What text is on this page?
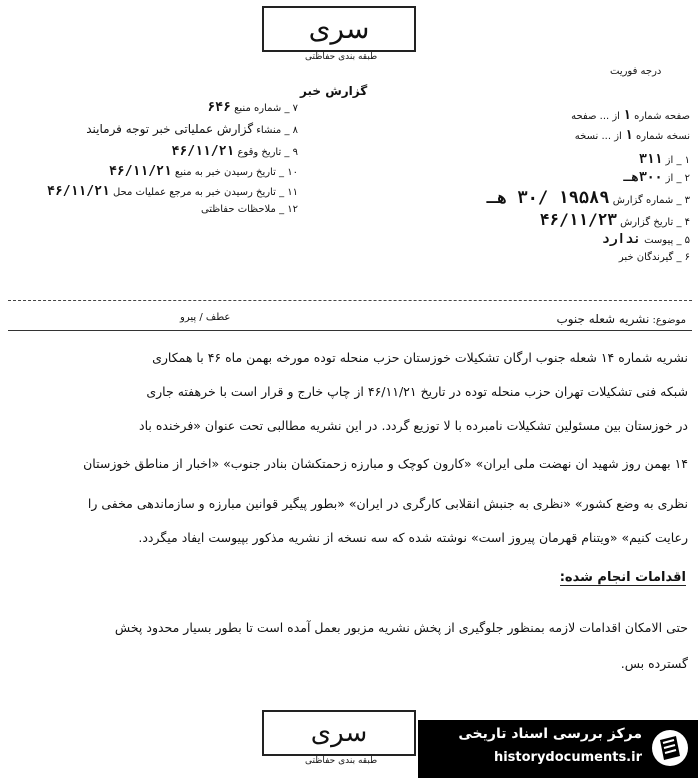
سری
طبقه بندی حفاظتی
درجه فوریت
گزارش خبر
صفحه شماره ۱ از ... صفحه
نسخه شماره ۱ از ... نسخه
۱ _ از ۳۱۱
۲ _ از ۳۰۰هـ
۳ _ شماره گزارش ۱۹۵۸۹ /۳۰ هـ
۴ _ تاریخ گزارش ۴۶/۱۱/۲۳
۵ _ پیوست ندارد
۶ _ گیرندگان خبر
۷ _ شماره منبع ۶۴۶
۸ _ منشاء گزارش عملیاتی خبر توجه فرمایند
۹ _ تاریخ وقوع ۴۶/۱۱/۲۱
۱۰ _ تاریخ رسیدن خبر به منبع ۴۶/۱۱/۲۱
۱۱ _ تاریخ رسیدن خبر به مرجع عملیات محل ۴۶/۱۱/۲۱
۱۲ _ ملاحظات حفاظتی
موضوع: نشریه شعله جنوب
عطف / پیرو
نشریه شماره ۱۴ شعله جنوب ارگان تشکیلات خوزستان حزب منحله توده مورخه بهمن ماه ۴۶ با همکاری
شبکه فنی تشکیلات تهران حزب منحله توده در تاریخ ۴۶/۱۱/۲۱ از چاپ خارج و قرار است با خرهفته جاری
در خوزستان بین مسئولین تشکیلات نامبرده با لا توزیع گردد. در این نشریه مطالبی تحت عنوان «فرخنده باد
۱۴ بهمن روز شهید ان نهضت ملی ایران» «کارون کوچک و مبارزه زحمتکشان بنادر جنوب» «اخبار از مناطق خوزستان
نظری به وضع کشور» «نظری به جنبش انقلابی کارگری در ایران» «بطور پیگیر قوانین مبارزه و سازماندهی مخفی را
رعایت کنیم» «ویتنام قهرمان پیروز است» نوشته شده که سه نسخه از نشریه مذکور بپیوست ایفاد میگردد.
اقدامات انجام شده:
حتی الامکان اقدامات لازمه بمنظور جلوگیری از پخش نشریه مزبور بعمل آمده است تا بطور بسیار محدود پخش
گسترده بس.
سری
طبقه بندی حفاظتی
مرکز بررسی اسناد تاریخی
historydocuments.ir
